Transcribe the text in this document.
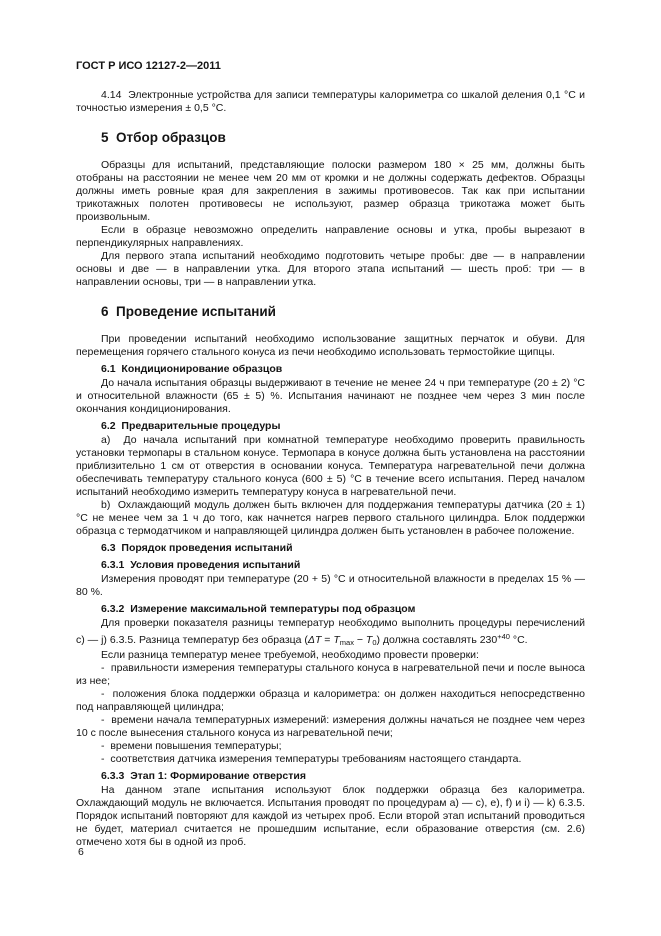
ГОСТ Р ИСО 12127-2—2011

4.14  Электронные устройства для записи температуры калориметра со шкалой деления 0,1 °C и точностью измерения ± 0,5 °C.

5  Отбор образцов

Образцы для испытаний, представляющие полоски размером 180 × 25 мм, должны быть отобраны на расстоянии не менее чем 20 мм от кромки и не должны содержать дефектов. Образцы должны иметь ровные края для закрепления в зажимы противовесов. Так как при испытании трикотажных полотен противовесы не используют, размер образца трикотажа может быть произвольным.

Если в образце невозможно определить направление основы и утка, пробы вырезают в перпендикулярных направлениях.

Для первого этапа испытаний необходимо подготовить четыре пробы: две — в направлении основы и две — в направлении утка. Для второго этапа испытаний — шесть проб: три — в направлении основы, три — в направлении утка.

6  Проведение испытаний

При проведении испытаний необходимо использование защитных перчаток и обуви. Для перемещения горячего стального конуса из печи необходимо использовать термостойкие щипцы.

6.1  Кондиционирование образцов

До начала испытания образцы выдерживают в течение не менее 24 ч при температуре (20 ± 2) °C и относительной влажности (65 ± 5) %. Испытания начинают не позднее чем через 3 мин после окончания кондиционирования.

6.2  Предварительные процедуры

a)  До начала испытаний при комнатной температуре необходимо проверить правильность установки термопары в стальном конусе. Термопара в конусе должна быть установлена на расстоянии приблизительно 1 см от отверстия в основании конуса. Температура нагревательной печи должна обеспечивать температуру стального конуса (600 ± 5) °C в течение всего испытания. Перед началом испытаний необходимо измерить температуру конуса в нагревательной печи.

b)  Охлаждающий модуль должен быть включен для поддержания температуры датчика (20 ± 1) °C не менее чем за 1 ч до того, как начнется нагрев первого стального цилиндра. Блок поддержки образца с термодатчиком и направляющей цилиндра должен быть установлен в рабочее положение.

6.3  Порядок проведения испытаний
6.3.1  Условия проведения испытаний

Измерения проводят при температуре (20 + 5) °C и относительной влажности в пределах 15 % — 80 %.

6.3.2  Измерение максимальной температуры под образцом

Для проверки показателя разницы температур необходимо выполнить процедуры перечислений с) — j) 6.3.5. Разница температур без образца $(\Delta T = T_{max} - T_0)$ должна составлять $230^{+40}$ °C.

Если разница температур менее требуемой, необходимо провести проверки:

-  правильности измерения температуры стального конуса в нагревательной печи и после выноса из нее;

-  положения блока поддержки образца и калориметра: он должен находиться непосредственно под направляющей цилиндра;

-  времени начала температурных измерений: измерения должны начаться не позднее чем через 10 с после вынесения стального конуса из нагревательной печи;

-  времени повышения температуры;

-  соответствия датчика измерения температуры требованиям настоящего стандарта.

6.3.3  Этап 1: Формирование отверстия

На данном этапе испытания используют блок поддержки образца без калориметра. Охлаждающий модуль не включается. Испытания проводят по процедурам a) — c), e), f) и i) — k) 6.3.5. Порядок испытаний повторяют для каждой из четырех проб. Если второй этап испытаний проводиться не будет, материал считается не прошедшим испытание, если образование отверстия (см. 2.6) отмечено хотя бы в одной из проб.

6
